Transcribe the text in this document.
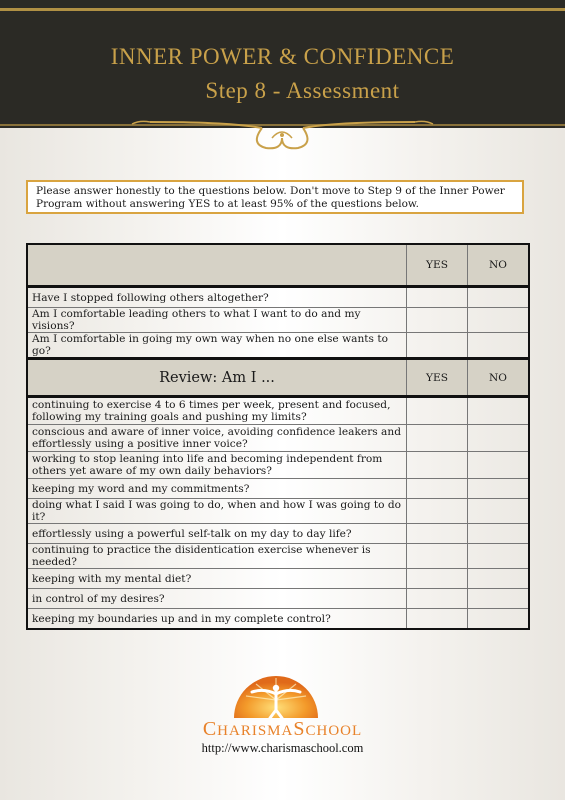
INNER POWER & CONFIDENCE
Step 8 - Assessment
Please answer honestly to the questions below. Don't move to Step 9 of the Inner Power Program without answering YES to at least 95% of the questions below.
	YES	NO
Have I stopped following others altogether?		
Am I comfortable leading others to what I want to do and my visions?		
Am I comfortable in going my own way when no one else wants to go?		
Review: Am I ...	YES	NO
continuing to exercise 4 to 6 times per week, present and focused, following my training goals and pushing my limits?		
conscious and aware of inner voice, avoiding confidence leakers and effortlessly using a positive inner voice?		
working to stop leaning into life and becoming independent from others yet aware of my own daily behaviors?		
keeping my word and my commitments?		
doing what I said I was going to do, when and how I was going to do it?		
effortlessly using a powerful self-talk on my day to day life?		
continuing to practice the disidentication exercise whenever is needed?		
keeping with my mental diet?		
in control of my desires?		
keeping my boundaries up and in my complete control?		
CHARISMASCHOOL
http://www.charismaschool.com
